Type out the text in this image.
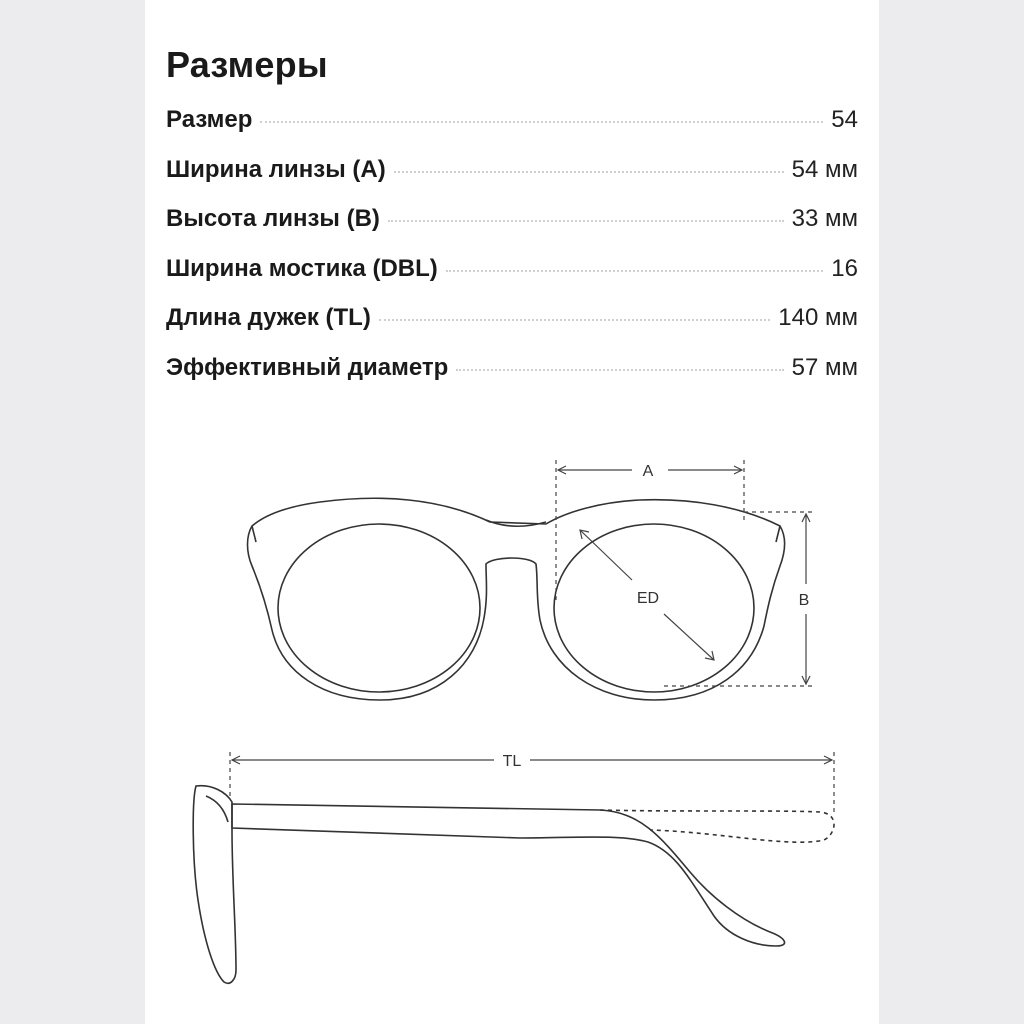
Размеры
Размер	54
Ширина линзы (A)	54 мм
Высота линзы (B)	33 мм
Ширина мостика (DBL)	16
Длина дужек (TL)	140 мм
Эффективный диаметр	57 мм
A
B
ED
TL
